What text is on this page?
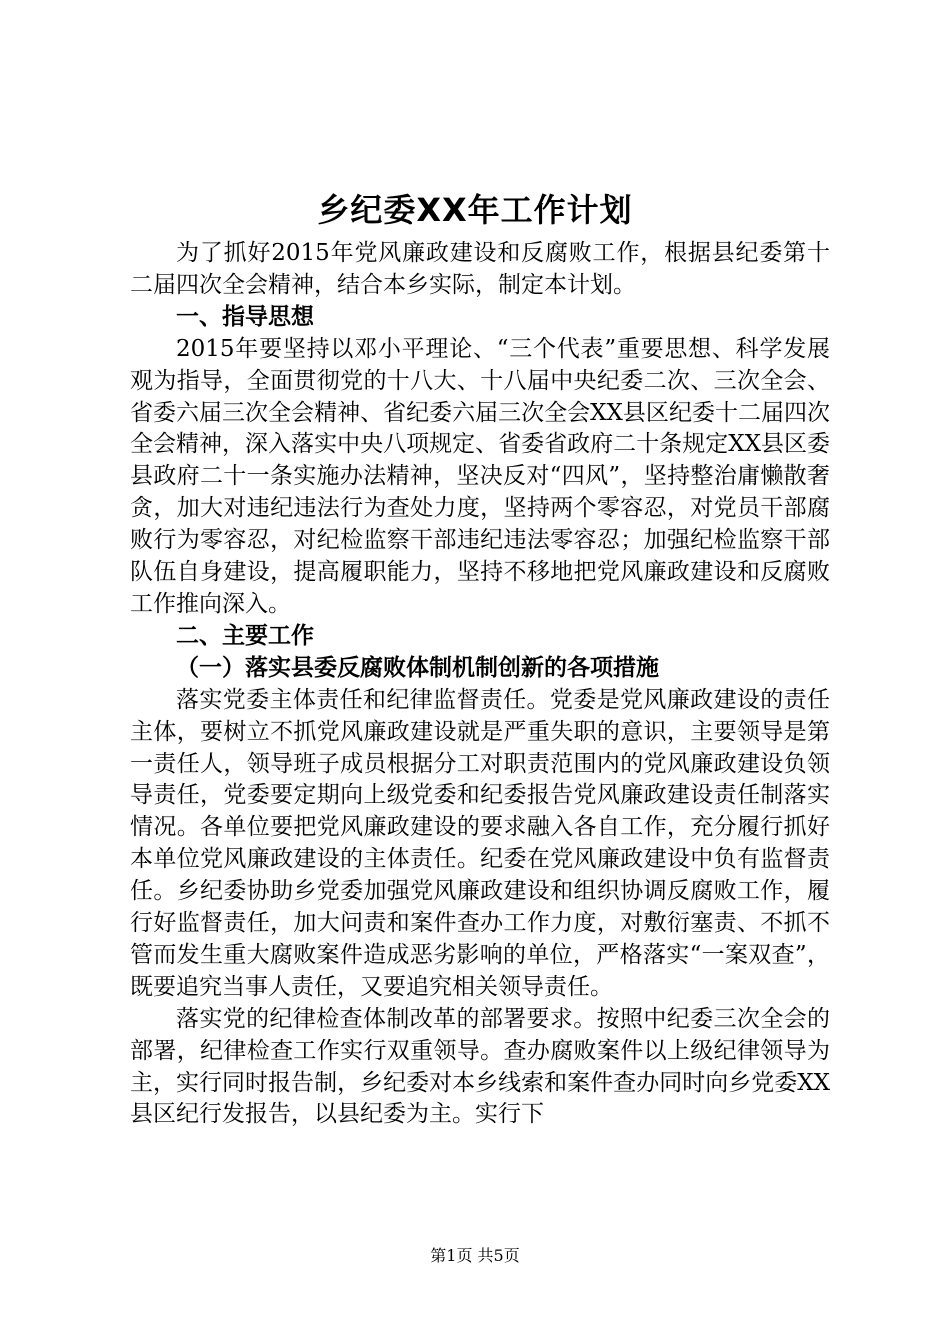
乡纪委XX年工作计划

为了抓好2015年党风廉政建设和反腐败工作，根据县纪委第十二届四次全会精神，结合本乡实际，制定本计划。

一、指导思想

2015年要坚持以邓小平理论、“三个代表”重要思想、科学发展观为指导，全面贯彻党的十八大、十八届中央纪委二次、三次全会、省委六届三次全会精神、省纪委六届三次全会XX县区纪委十二届四次全会精神，深入落实中央八项规定、省委省政府二十条规定XX县区委县政府二十一条实施办法精神，坚决反对“四风”，坚持整治庸懒散奢贪，加大对违纪违法行为查处力度，坚持两个零容忍，对党员干部腐败行为零容忍，对纪检监察干部违纪违法零容忍；加强纪检监察干部队伍自身建设，提高履职能力，坚持不移地把党风廉政建设和反腐败工作推向深入。

二、主要工作
（一）落实县委反腐败体制机制创新的各项措施

落实党委主体责任和纪律监督责任。党委是党风廉政建设的责任主体，要树立不抓党风廉政建设就是严重失职的意识，主要领导是第一责任人，领导班子成员根据分工对职责范围内的党风廉政建设负领导责任，党委要定期向上级党委和纪委报告党风廉政建设责任制落实情况。各单位要把党风廉政建设的要求融入各自工作，充分履行抓好本单位党风廉政建设的主体责任。纪委在党风廉政建设中负有监督责任。乡纪委协助乡党委加强党风廉政建设和组织协调反腐败工作，履行好监督责任，加大问责和案件查办工作力度，对敷衍塞责、不抓不管而发生重大腐败案件造成恶劣影响的单位，严格落实“一案双查”，既要追究当事人责任，又要追究相关领导责任。

落实党的纪律检查体制改革的部署要求。按照中纪委三次全会的部署，纪律检查工作实行双重领导。查办腐败案件以上级纪律领导为主，实行同时报告制，乡纪委对本乡线索和案件查办同时向乡党委XX县区纪行发报告，以县纪委为主。实行下

第1页 共5页
